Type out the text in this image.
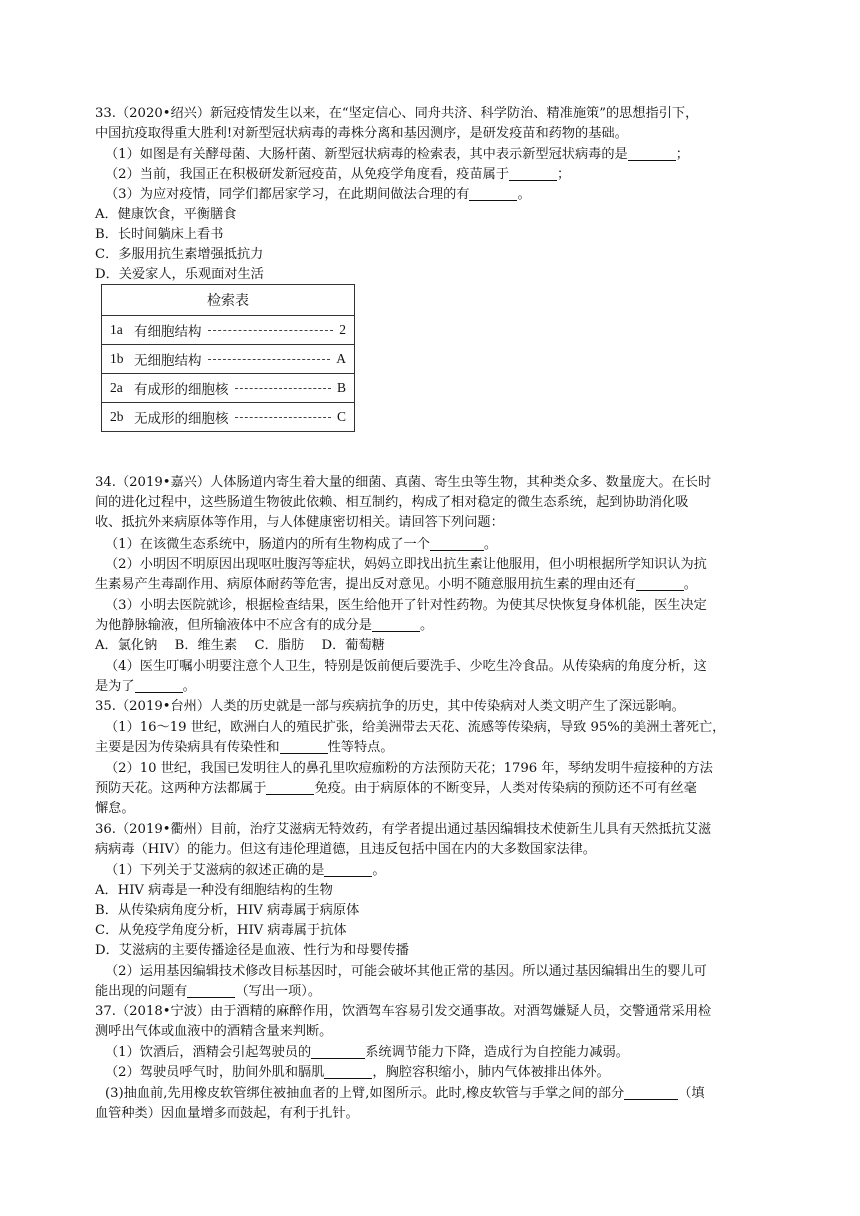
33.（2020•绍兴）新冠疫情发生以来，在“坚定信心、同舟共济、科学防治、精准施策”的思想指引下，
中国抗疫取得重大胜利!对新型冠状病毒的毒株分离和基因测序，是研发疫苗和药物的基础。
（1）如图是有关酵母菌、大肠杆菌、新型冠状病毒的检索表，其中表示新型冠状病毒的是	；
（2）当前，我国正在积极研发新冠疫苗，从免疫学角度看，疫苗属于	；
（3）为应对疫情，同学们都居家学习，在此期间做法合理的有	。
A．健康饮食，平衡膳食
B．长时间躺床上看书
C．多服用抗生素增强抵抗力
D．关爱家人，乐观面对生活
检索表

1a 有细胞结构	2

1b 无细胞结构	A

2a 有成形的细胞核	B

2b 无成形的细胞核	C
34.（2019•嘉兴）人体肠道内寄生着大量的细菌、真菌、寄生虫等生物，其种类众多、数量庞大。在长时
间的进化过程中，这些肠道生物彼此依赖、相互制约，构成了相对稳定的微生态系统，起到协助消化吸
收、抵抗外来病原体等作用，与人体健康密切相关。请回答下列问题：
（1）在该微生态系统中，肠道内的所有生物构成了一个	。
（2）小明因不明原因出现呕吐腹泻等症状，妈妈立即找出抗生素让他服用，但小明根据所学知识认为抗
生素易产生毒副作用、病原体耐药等危害，提出反对意见。小明不随意服用抗生素的理由还有	。
（3）小明去医院就诊，根据检查结果，医生给他开了针对性药物。为使其尽快恢复身体机能，医生决定
为他静脉输液，但所输液体中不应含有的成分是	。
A．氯化钠　 B．维生素　 C．脂肪　 D．葡萄糖
（4）医生叮嘱小明要注意个人卫生，特别是饭前便后要洗手、少吃生冷食品。从传染病的角度分析，这
是为了	。
35.（2019•台州）人类的历史就是一部与疾病抗争的历史，其中传染病对人类文明产生了深远影响。
（1）16～19 世纪，欧洲白人的殖民扩张，给美洲带去天花、流感等传染病，导致 95%的美洲土著死亡，
主要是因为传染病具有传染性和	性等特点。
（2）10 世纪，我国已发明往人的鼻孔里吹痘痂粉的方法预防天花；1796 年，琴纳发明牛痘接种的方法
预防天花。这两种方法都属于	免疫。由于病原体的不断变异，人类对传染病的预防还不可有丝毫
懈怠。
36.（2019•衢州）目前，治疗艾滋病无特效药，有学者提出通过基因编辑技术使新生儿具有天然抵抗艾滋
病病毒（HIV）的能力。但这有违伦理道德，且违反包括中国在内的大多数国家法律。
（1）下列关于艾滋病的叙述正确的是	。
A．HIV 病毒是一种没有细胞结构的生物
B．从传染病角度分析，HIV 病毒属于病原体
C．从免疫学角度分析，HIV 病毒属于抗体
D．艾滋病的主要传播途径是血液、性行为和母婴传播
（2）运用基因编辑技术修改目标基因时，可能会破坏其他正常的基因。所以通过基因编辑出生的婴儿可
能出现的问题有	（写出一项）。
37.（2018•宁波）由于酒精的麻醉作用，饮酒驾车容易引发交通事故。对酒驾嫌疑人员，交警通常采用检
测呼出气体或血液中的酒精含量来判断。
（1）饮酒后，酒精会引起驾驶员的	系统调节能力下降，造成行为自控能力减弱。
（2）驾驶员呼气时，肋间外肌和膈肌	，胸腔容积缩小，肺内气体被排出体外。
(3)抽血前,先用橡皮软管绑住被抽血者的上臂,如图所示。此时,橡皮软管与手掌之间的部分	（填
血管种类）因血量增多而鼓起，有利于扎针。
